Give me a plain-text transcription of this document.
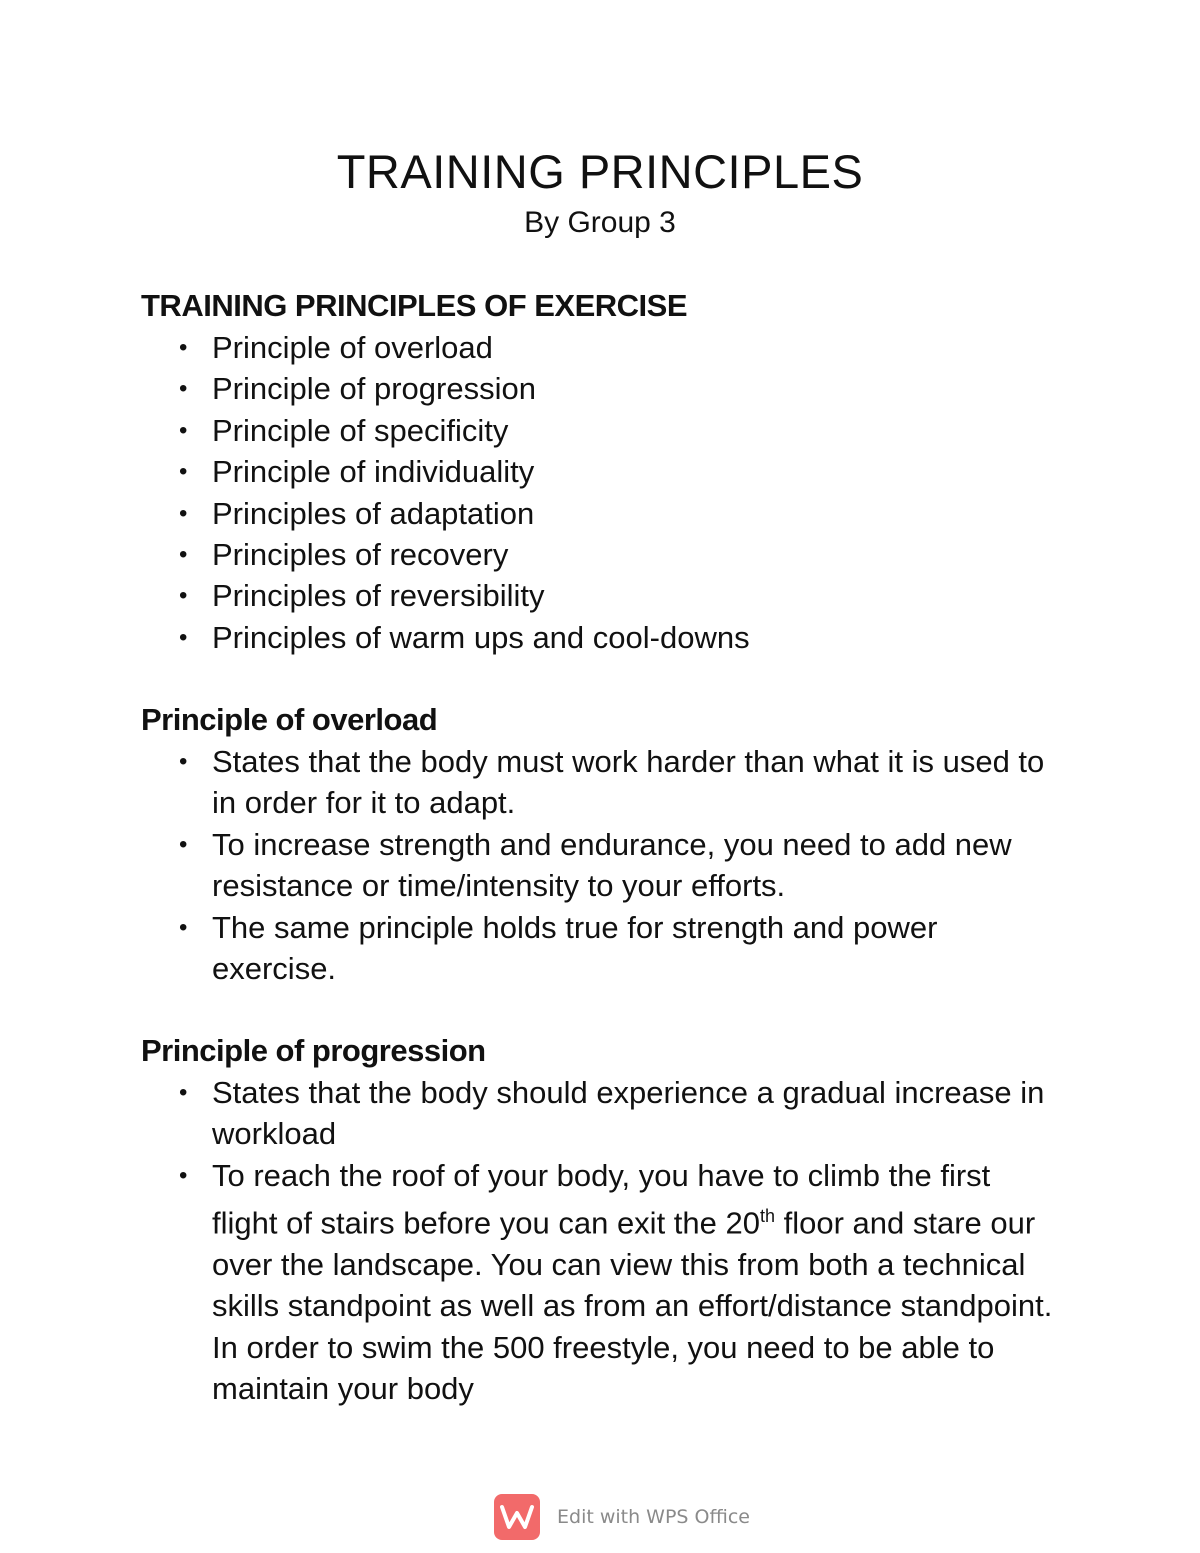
TRAINING PRINCIPLES
By Group 3
TRAINING PRINCIPLES OF EXERCISE
• Principle of overload
• Principle of progression
• Principle of specificity
• Principle of individuality
• Principles of adaptation
• Principles of recovery
• Principles of reversibility
• Principles of warm ups and cool-downs
Principle of overload
• States that the body must work harder than what it is used to in order for it to adapt.
• To increase strength and endurance, you need to add new resistance or time/intensity to your efforts.
• The same principle holds true for strength and power exercise.
Principle of progression
• States that the body should experience a gradual increase in workload
• To reach the roof of your body, you have to climb the first flight of stairs before you can exit the 20th floor and stare our over the landscape. You can view this from both a technical skills standpoint as well as from an effort/distance standpoint. In order to swim the 500 freestyle, you need to be able to maintain your body
Edit with WPS Office
